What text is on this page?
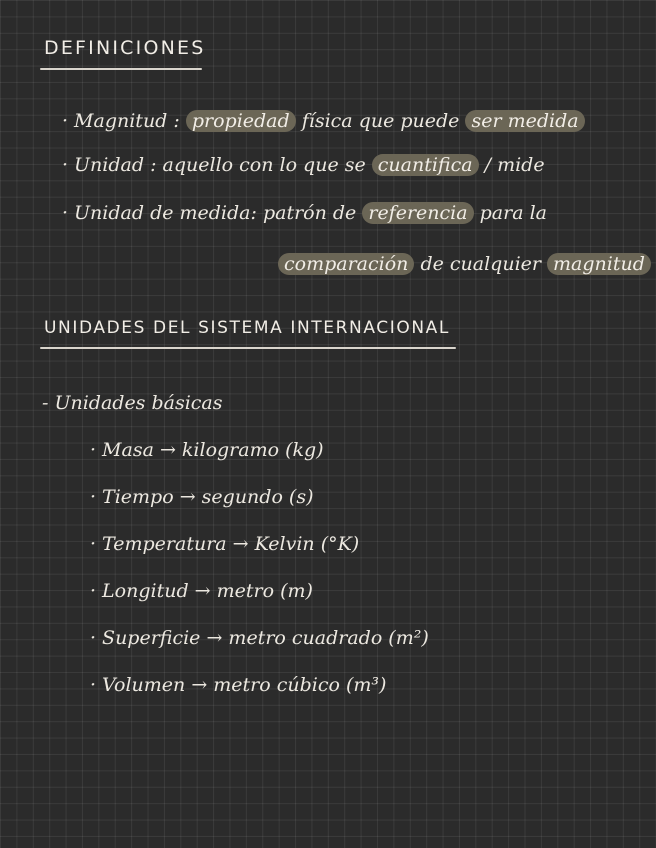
DEFINICIONES
· Magnitud : propiedad física que puede ser medida
· Unidad : aquello con lo que se cuantifica / mide
· Unidad de medida: patrón de referencia para la
comparación de cualquier magnitud
UNIDADES DEL SISTEMA INTERNACIONAL
- Unidades básicas
· Masa → kilogramo (kg)
· Tiempo → segundo (s)
· Temperatura → Kelvin (°K)
· Longitud → metro (m)
· Superficie → metro cuadrado (m²)
· Volumen → metro cúbico (m³)
